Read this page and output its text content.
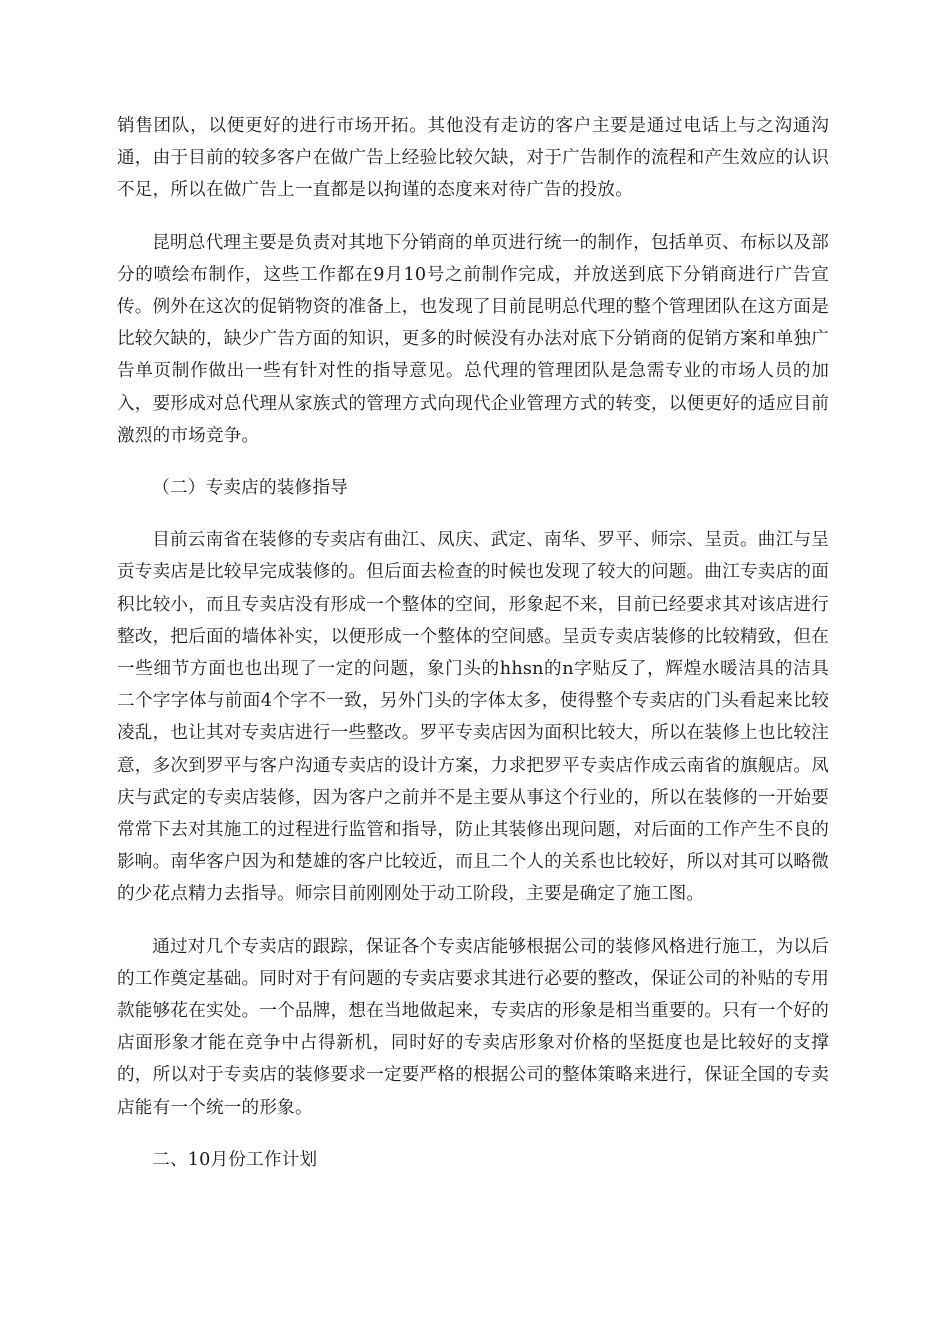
销售团队，以便更好的进行市场开拓。其他没有走访的客户主要是通过电话上与之沟通沟通，由于目前的较多客户在做广告上经验比较欠缺，对于广告制作的流程和产生效应的认识不足，所以在做广告上一直都是以拘谨的态度来对待广告的投放。

昆明总代理主要是负责对其地下分销商的单页进行统一的制作，包括单页、布标以及部分的喷绘布制作，这些工作都在9月10号之前制作完成，并放送到底下分销商进行广告宣传。例外在这次的促销物资的准备上，也发现了目前昆明总代理的整个管理团队在这方面是比较欠缺的，缺少广告方面的知识，更多的时候没有办法对底下分销商的促销方案和单独广告单页制作做出一些有针对性的指导意见。总代理的管理团队是急需专业的市场人员的加入，要形成对总代理从家族式的管理方式向现代企业管理方式的转变，以便更好的适应目前激烈的市场竞争。

（二）专卖店的装修指导

目前云南省在装修的专卖店有曲江、凤庆、武定、南华、罗平、师宗、呈贡。曲江与呈贡专卖店是比较早完成装修的。但后面去检查的时候也发现了较大的问题。曲江专卖店的面积比较小，而且专卖店没有形成一个整体的空间，形象起不来，目前已经要求其对该店进行整改，把后面的墙体补实，以便形成一个整体的空间感。呈贡专卖店装修的比较精致，但在一些细节方面也也出现了一定的问题，象门头的hhsn的n字贴反了，辉煌水暖洁具的洁具二个字字体与前面4个字不一致，另外门头的字体太多，使得整个专卖店的门头看起来比较凌乱，也让其对专卖店进行一些整改。罗平专卖店因为面积比较大，所以在装修上也比较注意，多次到罗平与客户沟通专卖店的设计方案，力求把罗平专卖店作成云南省的旗舰店。凤庆与武定的专卖店装修，因为客户之前并不是主要从事这个行业的，所以在装修的一开始要常常下去对其施工的过程进行监管和指导，防止其装修出现问题，对后面的工作产生不良的影响。南华客户因为和楚雄的客户比较近，而且二个人的关系也比较好，所以对其可以略微的少花点精力去指导。师宗目前刚刚处于动工阶段，主要是确定了施工图。

通过对几个专卖店的跟踪，保证各个专卖店能够根据公司的装修风格进行施工，为以后的工作奠定基础。同时对于有问题的专卖店要求其进行必要的整改，保证公司的补贴的专用款能够花在实处。一个品牌，想在当地做起来，专卖店的形象是相当重要的。只有一个好的店面形象才能在竞争中占得新机，同时好的专卖店形象对价格的坚挺度也是比较好的支撑的，所以对于专卖店的装修要求一定要严格的根据公司的整体策略来进行，保证全国的专卖店能有一个统一的形象。

二、10月份工作计划
